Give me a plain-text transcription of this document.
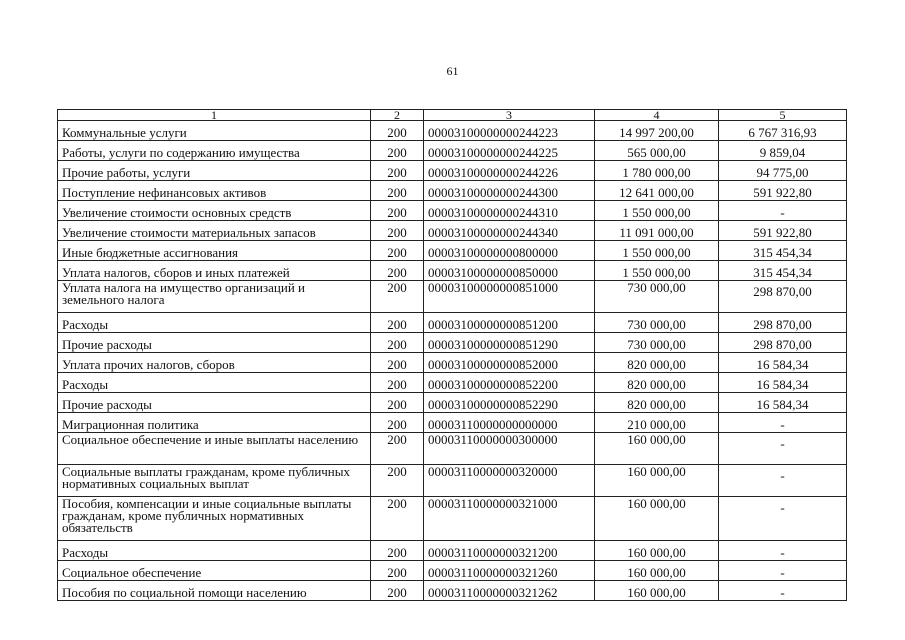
61
1	2	3	4	5

Коммунальные услуги	200	00003100000000244223	14 997 200,00	6 767 316,93

Работы, услуги по содержанию имущества	200	00003100000000244225	565 000,00	9 859,04

Прочие работы, услуги	200	00003100000000244226	1 780 000,00	94 775,00

Поступление нефинансовых активов	200	00003100000000244300	12 641 000,00	591 922,80

Увеличение стоимости основных средств	200	00003100000000244310	1 550 000,00	-

Увеличение стоимости материальных запасов	200	00003100000000244340	11 091 000,00	591 922,80

Иные бюджетные ассигнования	200	00003100000000800000	1 550 000,00	315 454,34

Уплата налогов, сборов и иных платежей	200	00003100000000850000	1 550 000,00	315 454,34

Уплата налога на имущество организаций и земельного налога	200	00003100000000851000	730 000,00	298 870,00

Расходы	200	00003100000000851200	730 000,00	298 870,00

Прочие расходы	200	00003100000000851290	730 000,00	298 870,00

Уплата прочих налогов, сборов	200	00003100000000852000	820 000,00	16 584,34

Расходы	200	00003100000000852200	820 000,00	16 584,34

Прочие расходы	200	00003100000000852290	820 000,00	16 584,34

Миграционная политика	200	00003110000000000000	210 000,00	-

Социальное обеспечение и иные выплаты населению	200	00003110000000300000	160 000,00	-

Социальные выплаты гражданам, кроме публичных нормативных социальных выплат	200	00003110000000320000	160 000,00	-

Пособия, компенсации и иные социальные выплаты гражданам, кроме публичных нормативных обязательств	200	00003110000000321000	160 000,00	-

Расходы	200	00003110000000321200	160 000,00	-

Социальное обеспечение	200	00003110000000321260	160 000,00	-

Пособия по социальной помощи населению	200	00003110000000321262	160 000,00	-
